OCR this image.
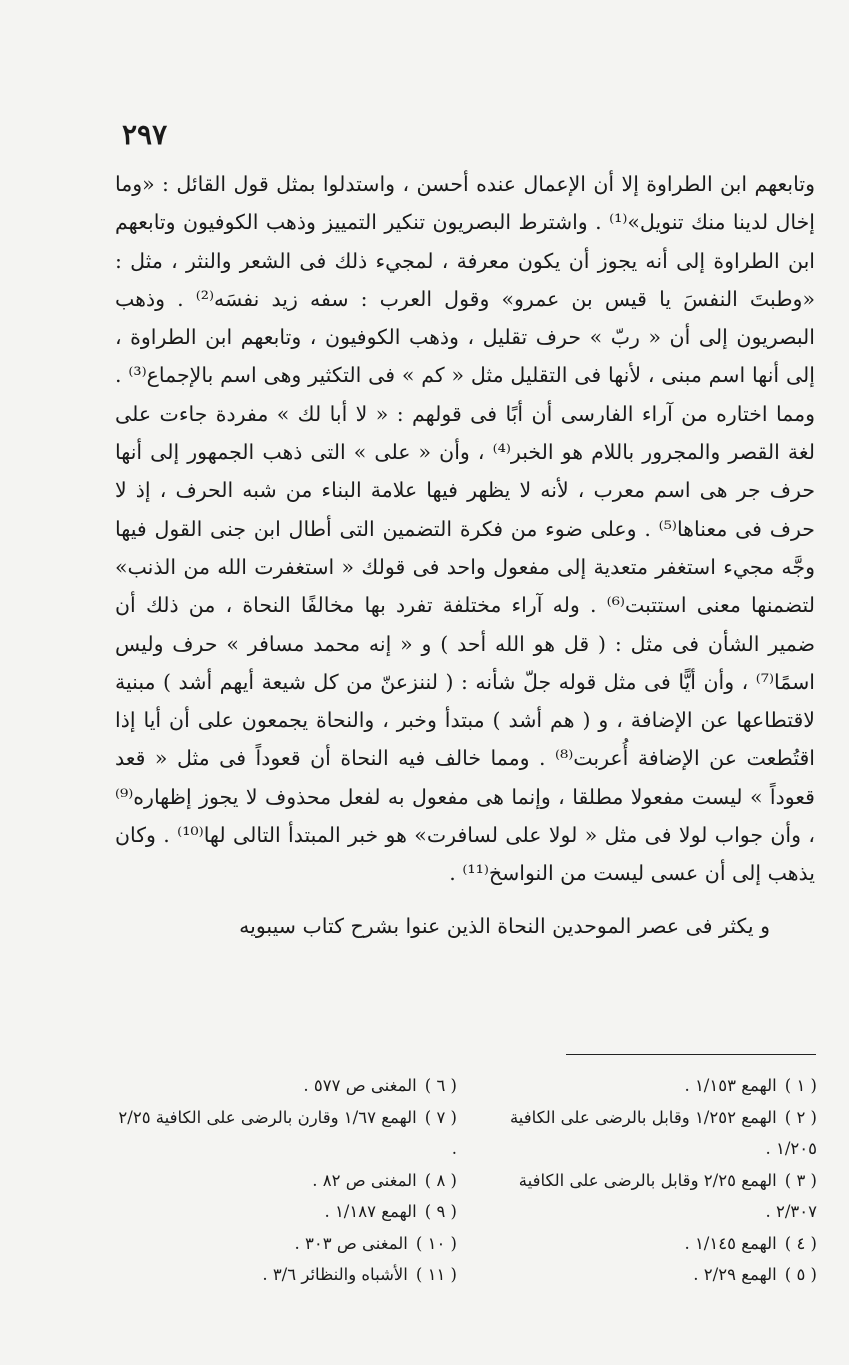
٢٩٧

وتابعهم ابن الطراوة إلا أن الإعمال عنده أحسن ، واستدلوا بمثل قول القائل : «وما إخال لدينا منك تنويل»⁽¹⁾ . واشترط البصريون تنكير التمييز وذهب الكوفيون وتابعهم ابن الطراوة إلى أنه يجوز أن يكون معرفة ، لمجيء ذلك فى الشعر والنثر ، مثل : «وطبتَ النفسَ يا قيس بن عمرو» وقول العرب : سفه زيد نفسَه⁽²⁾ . وذهب البصريون إلى أن « ربّ » حرف تقليل ، وذهب الكوفيون ، وتابعهم ابن الطراوة ، إلى أنها اسم مبنى ، لأنها فى التقليل مثل « كم » فى التكثير وهى اسم بالإجماع⁽³⁾ . ومما اختاره من آراء الفارسى أن أبًا فى قولهم : « لا أبا لك » مفردة جاءت على لغة القصر والمجرور باللام هو الخبر⁽⁴⁾ ، وأن « على » التى ذهب الجمهور إلى أنها حرف جر هى اسم معرب ، لأنه لا يظهر فيها علامة البناء من شبه الحرف ، إذ لا حرف فى معناها⁽⁵⁾ . وعلى ضوء من فكرة التضمين التى أطال ابن جنى القول فيها وجَّه مجيء استغفر متعدية إلى مفعول واحد فى قولك « استغفرت الله من الذنب» لتضمنها معنى استتبت⁽⁶⁾ . وله آراء مختلفة تفرد بها مخالفًا النحاة ، من ذلك أن ضمير الشأن فى مثل : ( قل هو الله أحد ) و « إنه محمد مسافر » حرف وليس اسمًا⁽⁷⁾ ، وأن أيًّا فى مثل قوله جلّ شأنه : ( لننزعنّ من كل شيعة أيهم أشد ) مبنية لاقتطاعها عن الإضافة ، و ( هم أشد ) مبتدأ وخبر ، والنحاة يجمعون على أن أيا إذا اقتُطعت عن الإضافة أُعربت⁽⁸⁾ . ومما خالف فيه النحاة أن قعوداً فى مثل « قعد قعوداً » ليست مفعولا مطلقا ، وإنما هى مفعول به لفعل محذوف لا يجوز إظهاره⁽⁹⁾ ، وأن جواب لولا فى مثل « لولا على لسافرت» هو خبر المبتدأ التالى لها⁽¹⁰⁾ . وكان يذهب إلى أن عسى ليست من النواسخ⁽¹¹⁾ .

و يكثر فى عصر الموحدين النحاة الذين عنوا بشرح كتاب سيبويه

( ١ )الهمع ١/١٥٣ .

( ٢ )الهمع ١/٢٥٢ وقابل بالرضى على الكافية ١/٢٠٥ .

( ٣ )الهمع ٢/٢٥ وقابل بالرضى على الكافية ٢/٣٠٧ .

( ٤ )الهمع ١/١٤٥ .

( ٥ )الهمع ٢/٢٩ .

( ٦ )المغنى ص ٥٧٧ .

( ٧ )الهمع ١/٦٧ وقارن بالرضى على الكافية ٢/٢٥ .

( ٨ )المغنى ص ٨٢ .

( ٩ )الهمع ١/١٨٧ .

( ١٠ )المغنى ص ٣٠٣ .

( ١١ )الأشباه والنظائر ٣/٦ .
